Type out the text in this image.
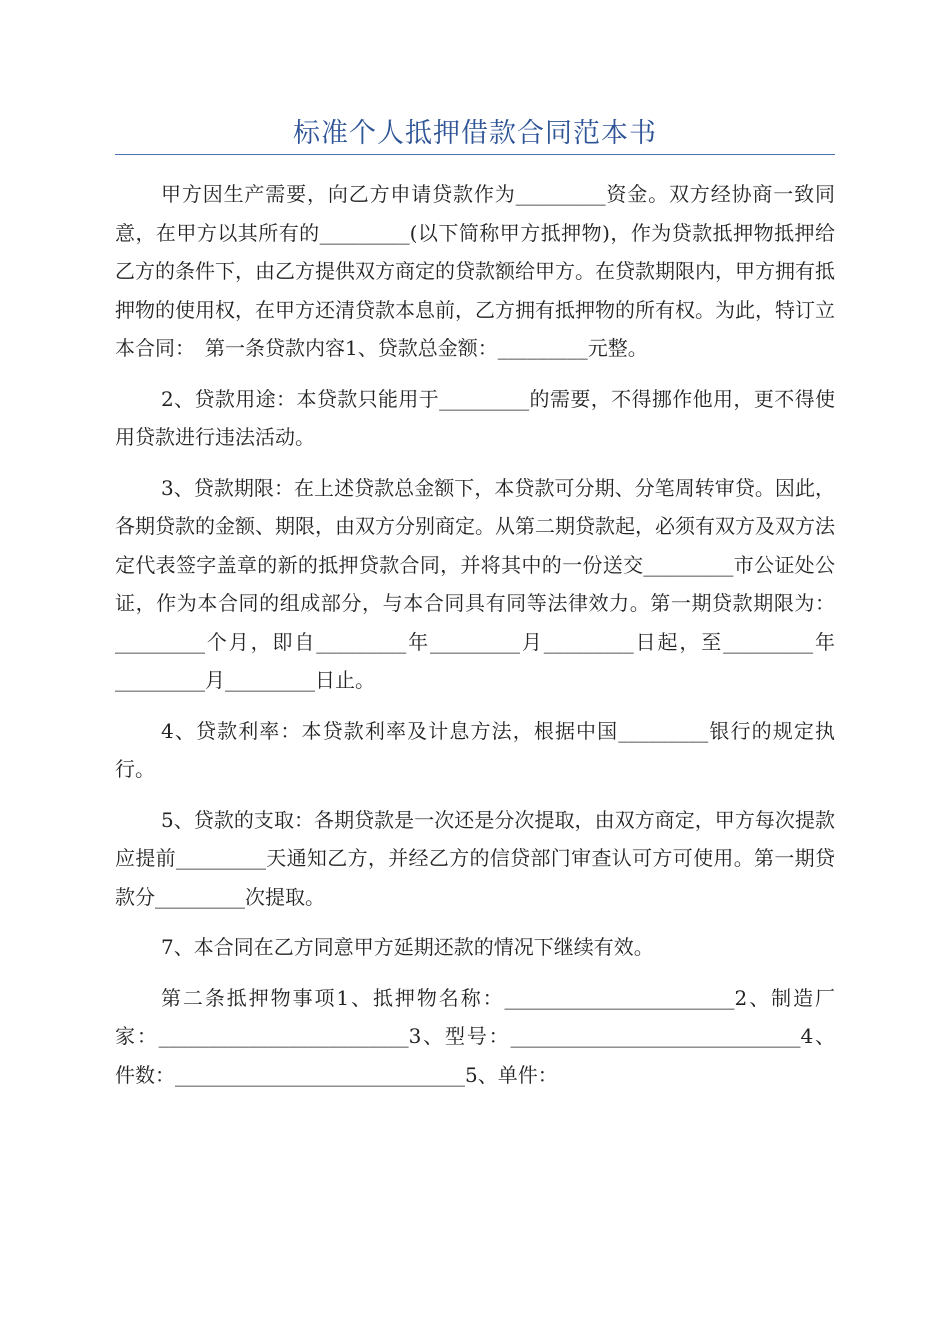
标准个人抵押借款合同范本书

甲方因生产需要，向乙方申请贷款作为_________资金。双方经协商一致同意，在甲方以其所有的_________(以下简称甲方抵押物)，作为贷款抵押物抵押给乙方的条件下，由乙方提供双方商定的贷款额给甲方。在贷款期限内，甲方拥有抵押物的使用权，在甲方还清贷款本息前，乙方拥有抵押物的所有权。为此，特订立本合同：　第一条贷款内容1、贷款总金额：_________元整。

2、贷款用途：本贷款只能用于_________的需要，不得挪作他用，更不得使用贷款进行违法活动。

3、贷款期限：在上述贷款总金额下，本贷款可分期、分笔周转审贷。因此，各期贷款的金额、期限，由双方分别商定。从第二期贷款起，必须有双方及双方法定代表签字盖章的新的抵押贷款合同，并将其中的一份送交_________市公证处公证，作为本合同的组成部分，与本合同具有同等法律效力。第一期贷款期限为：_________个月，即自_________年_________月_________日起，至_________年_________月_________日止。

4、贷款利率：本贷款利率及计息方法，根据中国_________银行的规定执行。

5、贷款的支取：各期贷款是一次还是分次提取，由双方商定，甲方每次提款应提前_________天通知乙方，并经乙方的信贷部门审查认可方可使用。第一期贷款分_________次提取。

7、本合同在乙方同意甲方延期还款的情况下继续有效。

第二条抵押物事项1、抵押物名称：_______________________2、制造厂家：_________________________3、型号：_____________________________4、件数：_____________________________5、单件：
